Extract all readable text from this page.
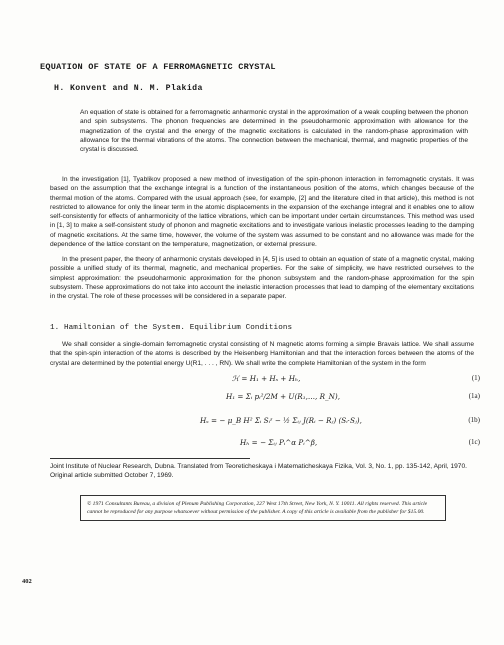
EQUATION OF STATE OF A FERROMAGNETIC CRYSTAL
H. Konvent and N. M. Plakida
An equation of state is obtained for a ferromagnetic anharmonic crystal in the approximation of a weak coupling between the phonon and spin subsystems. The phonon frequencies are determined in the pseudoharmonic approximation with allowance for the magnetization of the crystal and the energy of the magnetic excitations is calculated in the random-phase approximation with allowance for the thermal vibrations of the atoms. The connection between the mechanical, thermal, and magnetic properties of the crystal is discussed.
In the investigation [1], Tyablikov proposed a new method of investigation of the spin-phonon interaction in ferromagnetic crystals. It was based on the assumption that the exchange integral is a function of the instantaneous position of the atoms, which changes because of the thermal motion of the atoms. Compared with the usual approach (see, for example, [2] and the literature cited in that article), this method is not restricted to allowance for only the linear term in the atomic displacements in the expansion of the exchange integral and it enables one to allow self-consistently for effects of anharmonicity of the lattice vibrations, which can be important under certain circumstances. This method was used in [1, 3] to make a self-consistent study of phonon and magnetic excitations and to investigate various inelastic processes leading to the damping of magnetic excitations. At the same time, however, the volume of the system was assumed to be constant and no allowance was made for the dependence of the lattice constant on the temperature, magnetization, or external pressure.
In the present paper, the theory of anharmonic crystals developed in [4, 5] is used to obtain an equation of state of a magnetic crystal, making possible a unified study of its thermal, magnetic, and mechanical properties. For the sake of simplicity, we have restricted ourselves to the simplest approximation: the pseudoharmonic approximation for the phonon subsystem and the random-phase approximation for the spin subsystem. These approximations do not take into account the inelastic interaction processes that lead to damping of the elementary excitations in the crystal. The role of these processes will be considered in a separate paper.
1. Hamiltonian of the System. Equilibrium Conditions
We shall consider a single-domain ferromagnetic crystal consisting of N magnetic atoms forming a simple Bravais lattice. We shall assume that the spin-spin interaction of the atoms is described by the Heisenberg Hamiltonian and that the interaction forces between the atoms of the crystal are determined by the potential energy U(R1, . . . , RN). We shall write the complete Hamiltonian of the system in the form
ℋ = H₁ + Hₛ + Hₕ,	(1)
H₁ = Σᵢ pᵢ²/2M + U(R₁,…, R_N),	(1a)
Hₛ = − μ_B H² Σᵢ Sᵢᶻ − ½ Σᵢⱼ J(Rᵢ − Rⱼ) (Sᵢ·Sⱼ),	(1b)
Hₕ = − Σᵢⱼ Pᵢ^α Pᵢ^β,	(1c)
Joint Institute of Nuclear Research, Dubna. Translated from Teoreticheskaya i Matematicheskaya Fizika, Vol. 3, No. 1, pp. 135-142, April, 1970. Original article submitted October 7, 1969.
© 1971 Consultants Bureau, a division of Plenum Publishing Corporation, 227 West 17th Street, New York, N. Y. 10011. All rights reserved. This article cannot be reproduced for any purpose whatsoever without permission of the publisher. A copy of this article is available from the publisher for $15.00.
402
